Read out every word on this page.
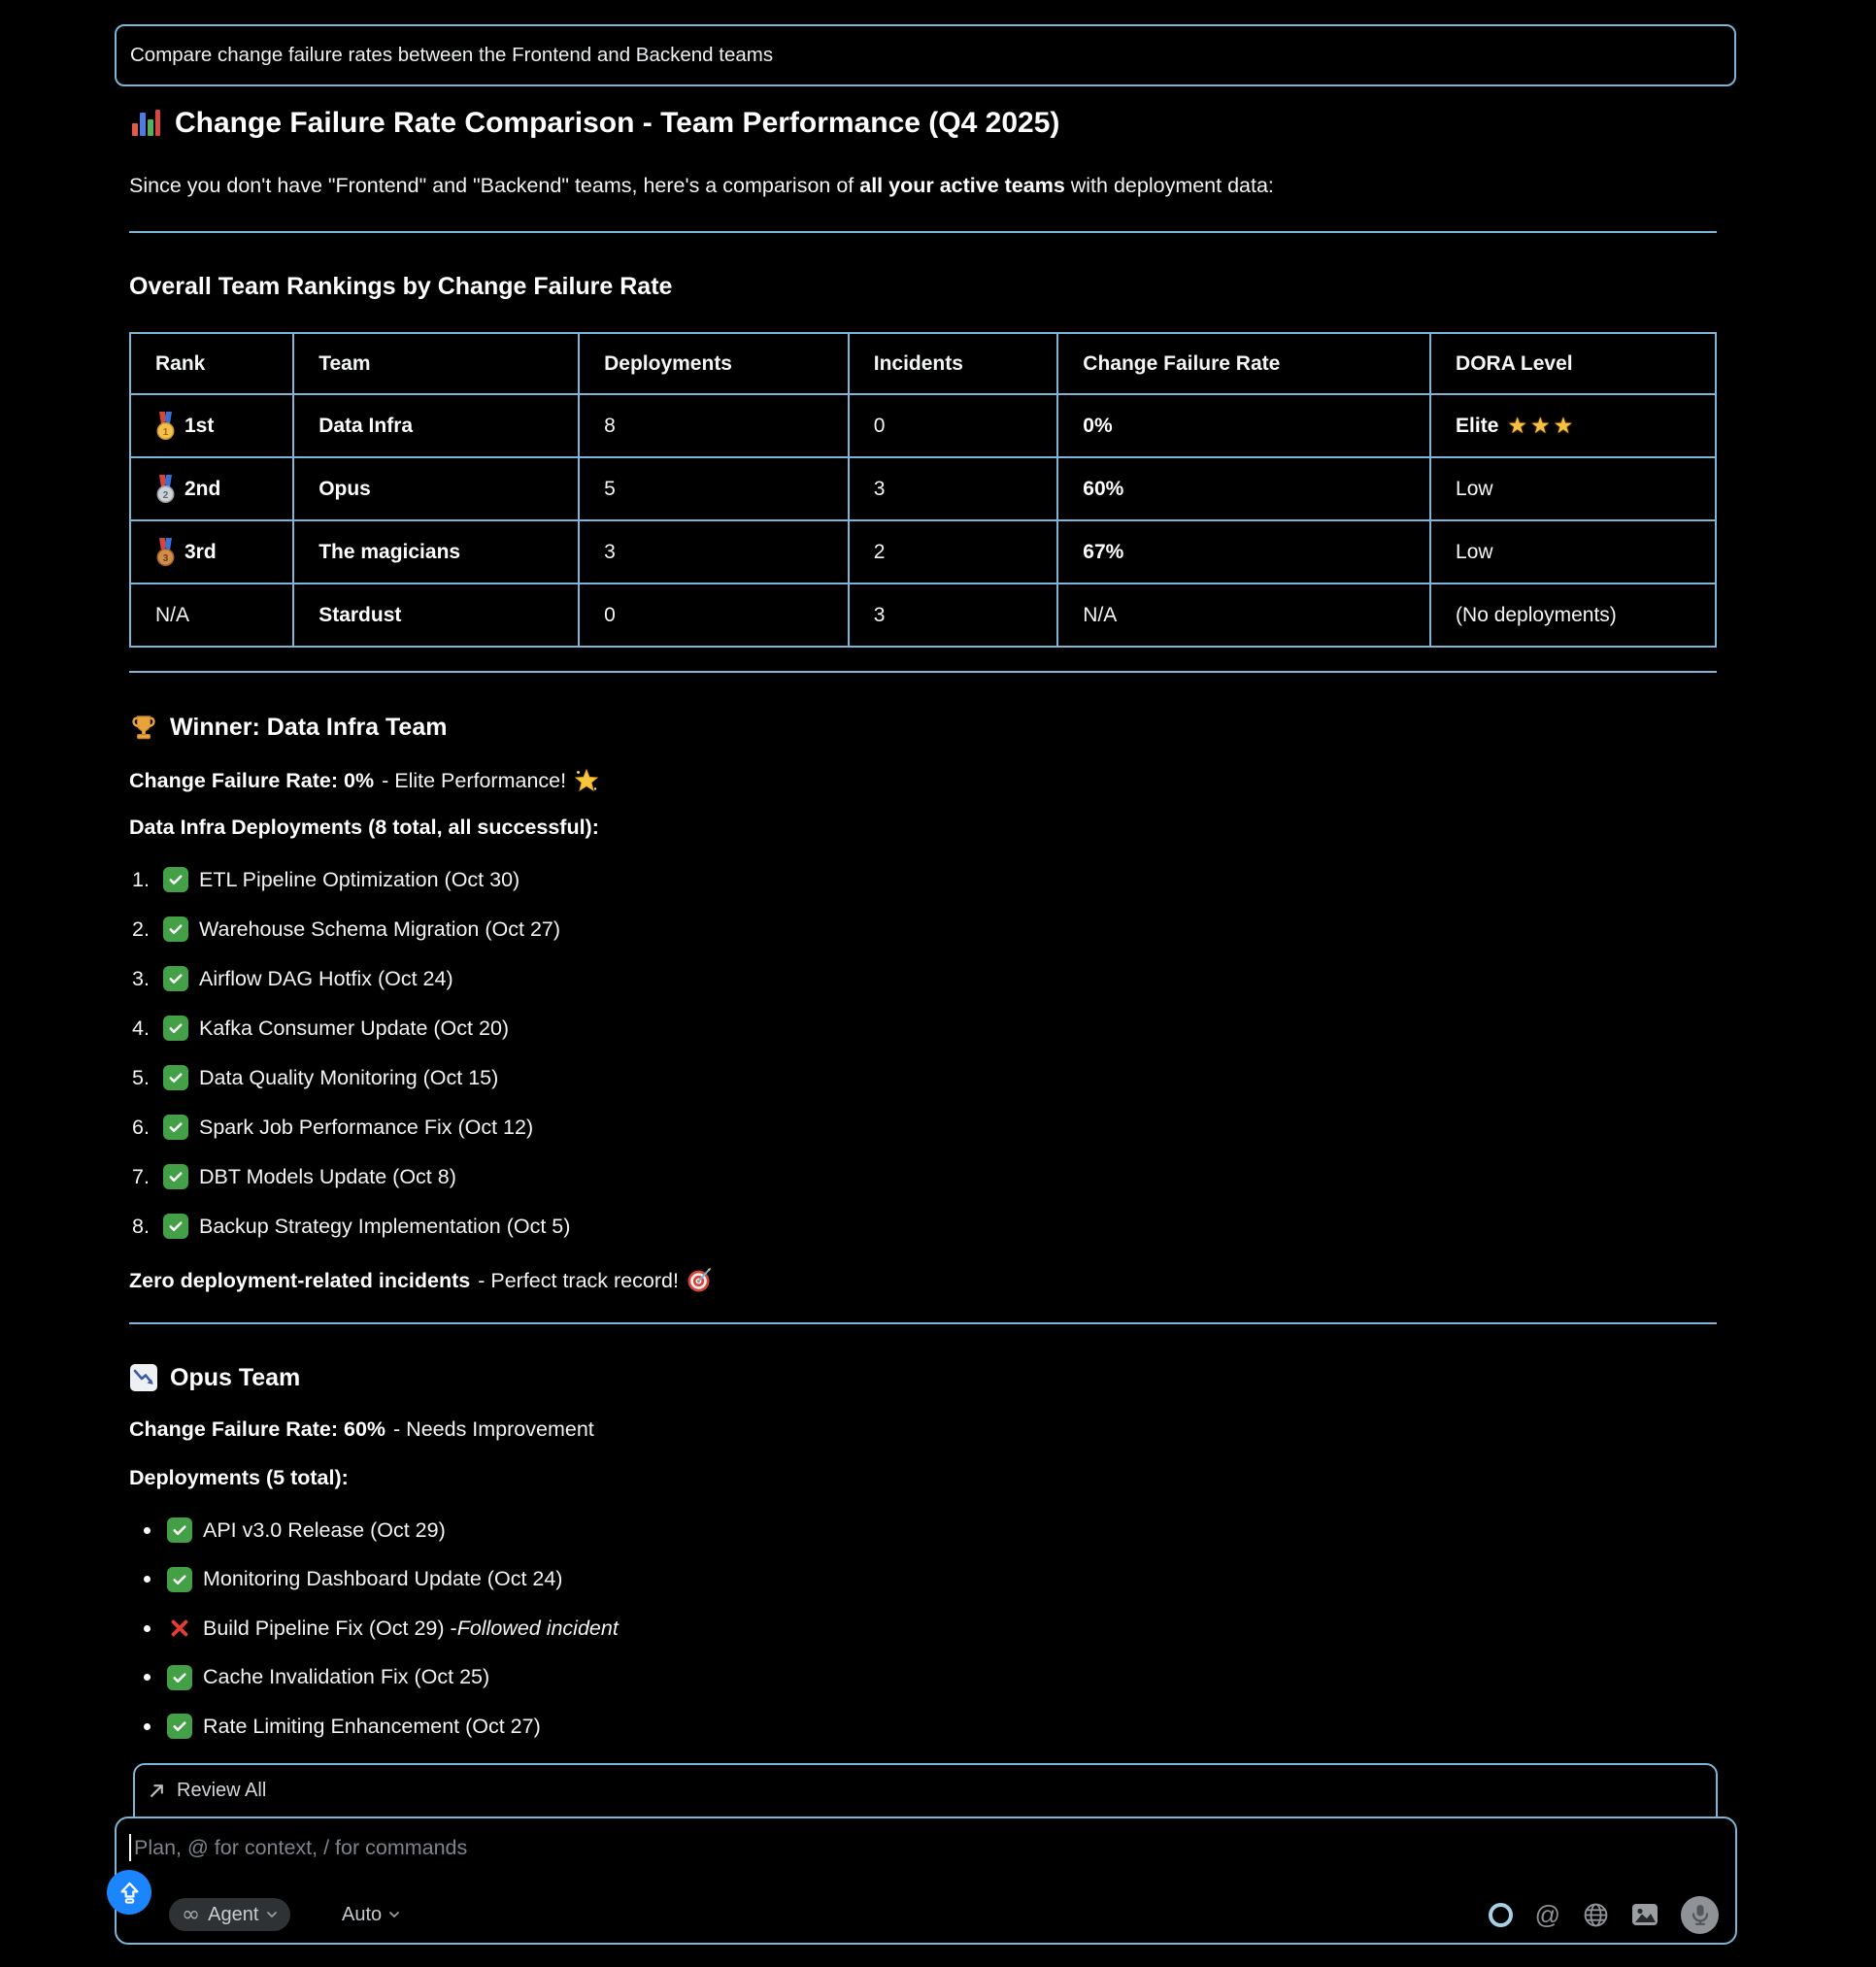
Compare change failure rates between the Frontend and Backend teams
Change Failure Rate Comparison - Team Performance (Q4 2025)
Since you don't have "Frontend" and "Backend" teams, here's a comparison of all your active teams with deployment data:
Overall Team Rankings by Change Failure Rate
Rank	Team	Deployments	Incidents	Change Failure Rate	DORA Level

1 1st	Data Infra	8	0	0%	Elite ★★★

2 2nd	Opus	5	3	60%	Low

3 3rd	The magicians	3	2	67%	Low
N/A	Stardust	0	3	N/A	(No deployments)
Winner: Data Infra Team
Change Failure Rate: 0% - Elite Performance!
Data Infra Deployments (8 total, all successful):
1.	ETL Pipeline Optimization (Oct 30)
2.	Warehouse Schema Migration (Oct 27)
3.	Airflow DAG Hotfix (Oct 24)
4.	Kafka Consumer Update (Oct 20)
5.	Data Quality Monitoring (Oct 15)
6.	Spark Job Performance Fix (Oct 12)
7.	DBT Models Update (Oct 8)
8.	Backup Strategy Implementation (Oct 5)
Zero deployment-related incidents - Perfect track record!
Opus Team
Change Failure Rate: 60% - Needs Improvement
Deployments (5 total):
API v3.0 Release (Oct 29)
Monitoring Dashboard Update (Oct 24)
Build Pipeline Fix (Oct 29) - Followed incident
Cache Invalidation Fix (Oct 25)
Rate Limiting Enhancement (Oct 27)
Review All
Plan, @ for context, / for commands
∞ Agent	Auto	@
